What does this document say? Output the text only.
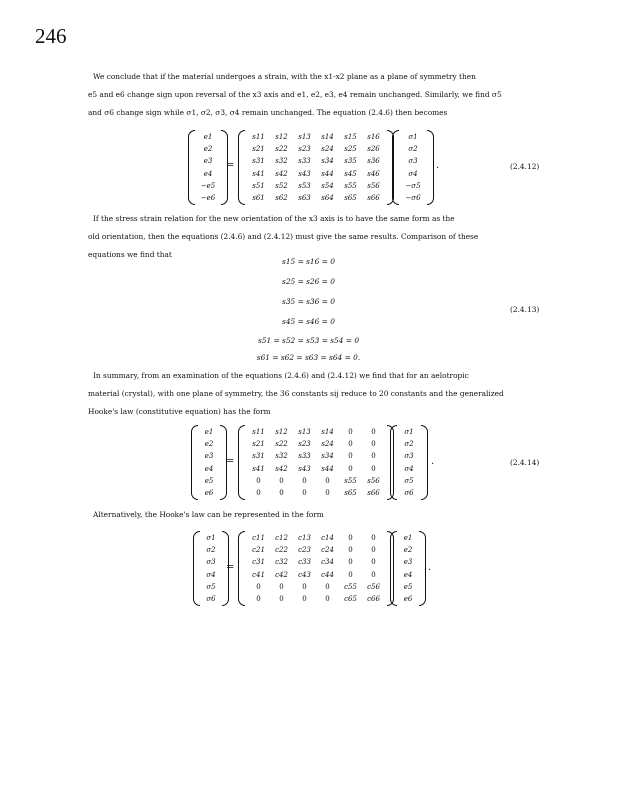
246
We conclude that if the material undergoes a strain, with the x1-x2 plane as a plane of symmetry then
e5 and e6 change sign upon reversal of the x3 axis and e1, e2, e3, e4 remain unchanged. Similarly, we find σ5
and σ6 change sign while σ1, σ2, σ3, σ4 remain unchanged. The equation (2.4.6) then becomes
e1
e2
e3
e4
−e5
−e6
=
s11 s12 s13 s14 s15 s16
s21 s22 s23 s24 s25 s26
s31 s32 s33 s34 s35 s36
s41 s42 s43 s44 s45 s46
s51 s52 s53 s54 s55 s56
s61 s62 s63 s64 s65 s66
σ1
σ2
σ3
σ4
−σ5
−σ6
.	(2.4.12)
If the stress strain relation for the new orientation of the x3 axis is to have the same form as the
old orientation, then the equations (2.4.6) and (2.4.12) must give the same results. Comparison of these
equations we find that
s15 = s16 = 0
s25 = s26 = 0
s35 = s36 = 0
s45 = s46 = 0
s51 = s52 = s53 = s54 = 0
s61 = s62 = s63 = s64 = 0.
(2.4.13)
In summary, from an examination of the equations (2.4.6) and (2.4.12) we find that for an aelotropic
material (crystal), with one plane of symmetry, the 36 constants sij reduce to 20 constants and the generalized
Hooke's law (constitutive equation) has the form
e1
e2
e3
e4
e5
e6
=
s11 s12 s13 s14 0	0
s21 s22 s23 s24 0	0
s31 s32 s33 s34 0	0
s41 s42 s43 s44 0	0
0	0	0	0 s55 s56
0	0	0	0 s65 s66
σ1
σ2
σ3
σ4
σ5
σ6
.	(2.4.14)
Alternatively, the Hooke's law can be represented in the form
σ1
σ2
σ3
σ4
σ5
σ6
=
c11 c12 c13 c14 0	0
c21 c22 c23 c24 0	0
c31 c32 c33 c34 0	0
c41 c42 c43 c44 0	0
0	0	0	0 c55 c56
0	0	0	0 c65 c66
e1
e2
e3
e4
e5
e6
.
